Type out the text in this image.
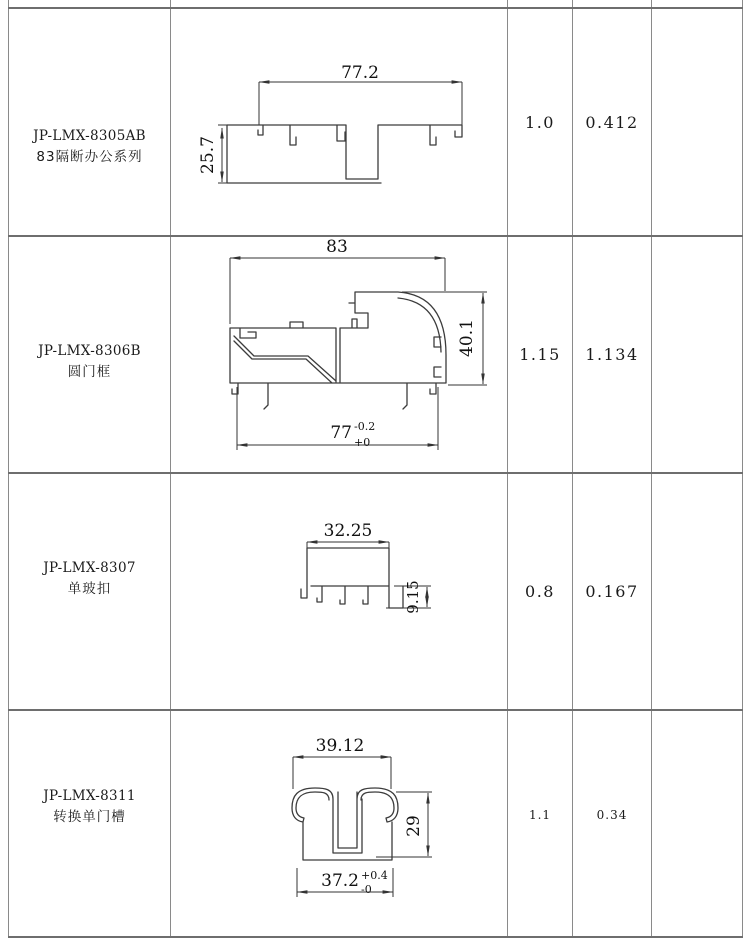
JP-LMX-8305AB
83隔断办公系列
JP-LMX-8306B
圆门框
JP-LMX-8307
单玻扣
JP-LMX-8311
转换单门槽
1.0 0.412
1.15 1.134
0.8 0.167
1.1	0.34
77.2
25.7
83
40.1
77 -0.2
+0
32.25
9.15
39.12
29
37.2 +0.4
-0
